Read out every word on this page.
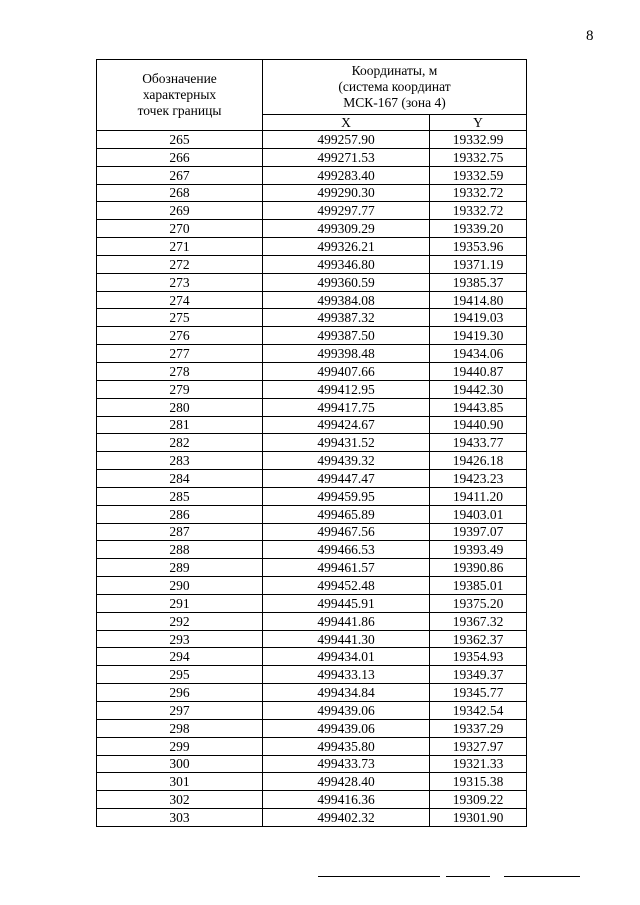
8
Обозначение
характерных
точек границы	Координаты, м
(система координат
МСК-167 (зона 4)	

	X	Y
265	499257.90	19332.99
266	499271.53	19332.75
267	499283.40	19332.59
268	499290.30	19332.72
269	499297.77	19332.72
270	499309.29	19339.20
271	499326.21	19353.96
272	499346.80	19371.19
273	499360.59	19385.37
274	499384.08	19414.80
275	499387.32	19419.03
276	499387.50	19419.30
277	499398.48	19434.06
278	499407.66	19440.87
279	499412.95	19442.30
280	499417.75	19443.85
281	499424.67	19440.90
282	499431.52	19433.77
283	499439.32	19426.18
284	499447.47	19423.23
285	499459.95	19411.20
286	499465.89	19403.01
287	499467.56	19397.07
288	499466.53	19393.49
289	499461.57	19390.86
290	499452.48	19385.01
291	499445.91	19375.20
292	499441.86	19367.32
293	499441.30	19362.37
294	499434.01	19354.93
295	499433.13	19349.37
296	499434.84	19345.77
297	499439.06	19342.54
298	499439.06	19337.29
299	499435.80	19327.97
300	499433.73	19321.33
301	499428.40	19315.38
302	499416.36	19309.22
303	499402.32	19301.90
